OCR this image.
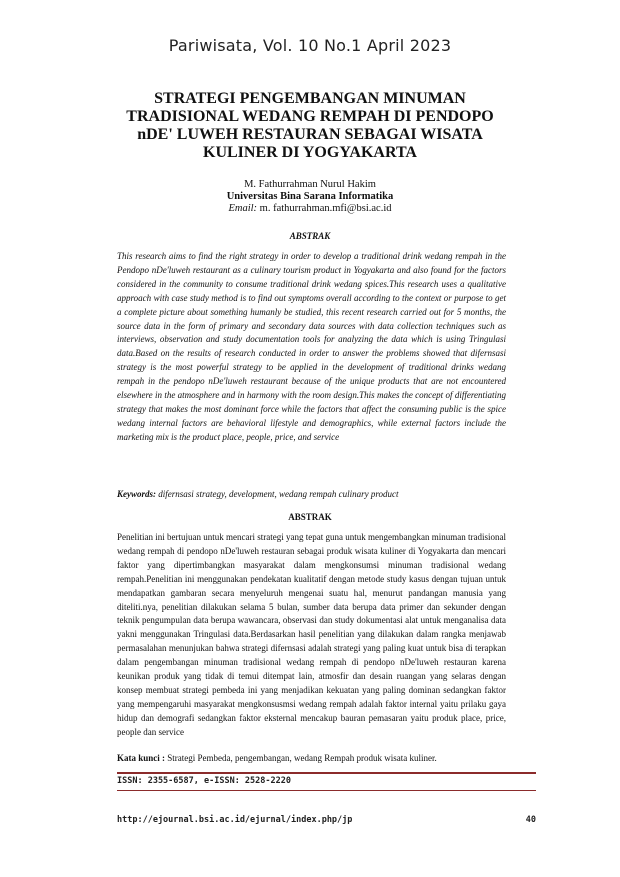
Pariwisata, Vol. 10 No.1 April 2023
STRATEGI PENGEMBANGAN MINUMAN
TRADISIONAL WEDANG REMPAH DI PENDOPO
nDE' LUWEH RESTAURAN SEBAGAI WISATA
KULINER DI YOGYAKARTA
M. Fathurrahman Nurul Hakim
Universitas Bina Sarana Informatika
Email: m. fathurrahman.mfi@bsi.ac.id
ABSTRAK
This research aims to find the right strategy in order to develop a traditional drink wedang rempah in the Pendopo nDe'luweh restaurant as a culinary tourism product in Yogyakarta and also found for the factors considered in the community to consume traditional drink wedang spices.This research uses a qualitative approach with case study method is to find out symptoms overall according to the context or purpose to get a complete picture about something humanly be studied, this recent research carried out for 5 months, the source data in the form of primary and secondary data sources with data collection techniques such as interviews, observation and study documentation tools for analyzing the data which is using Tringulasi data.Based on the results of research conducted in order to answer the problems showed that difernsasi strategy is the most powerful strategy to be applied in the development of traditional drinks wedang rempah in the pendopo nDe'luweh restaurant because of the unique products that are not encountered elsewhere in the atmosphere and in harmony with the room design.This makes the concept of differentiating strategy that makes the most dominant force while the factors that affect the consuming public is the spice wedang internal factors are behavioral lifestyle and demographics, while external factors include the marketing mix is the product place, people, price, and service
Keywords: difernsasi strategy, development, wedang rempah culinary product
ABSTRAK
Penelitian ini bertujuan untuk mencari strategi yang tepat guna untuk mengembangkan minuman tradisional wedang rempah di pendopo nDe'luweh restauran sebagai produk wisata kuliner di Yogyakarta dan mencari faktor yang dipertimbangkan masyarakat dalam mengkonsumsi minuman tradisional wedang rempah.Penelitian ini menggunakan pendekatan kualitatif dengan metode study kasus dengan tujuan untuk mendapatkan gambaran secara menyeluruh mengenai suatu hal, menurut pandangan manusia yang diteliti.nya, penelitian dilakukan selama 5 bulan, sumber data berupa data primer dan sekunder dengan teknik pengumpulan data berupa wawancara, observasi dan study dokumentasi alat untuk menganalisa data yakni menggunakan Tringulasi data.Berdasarkan hasil penelitian yang dilakukan dalam rangka menjawab permasalahan menunjukan bahwa strategi difernsasi adalah strategi yang paling kuat untuk bisa di terapkan dalam pengembangan minuman tradisional wedang rempah di pendopo nDe'luweh restauran karena keunikan produk yang tidak di temui ditempat lain, atmosfir dan desain ruangan yang selaras dengan konsep membuat strategi pembeda ini yang menjadikan kekuatan yang paling dominan sedangkan faktor yang mempengaruhi masyarakat mengkonsusmsi wedang rempah adalah faktor internal yaitu prilaku gaya hidup dan demografi sedangkan faktor eksternal mencakup bauran pemasaran yaitu produk place, price, people dan service
Kata kunci : Strategi Pembeda, pengembangan, wedang Rempah produk wisata kuliner.
ISSN: 2355-6587, e-ISSN: 2528-2220
http://ejournal.bsi.ac.id/ejurnal/index.php/jp	40
